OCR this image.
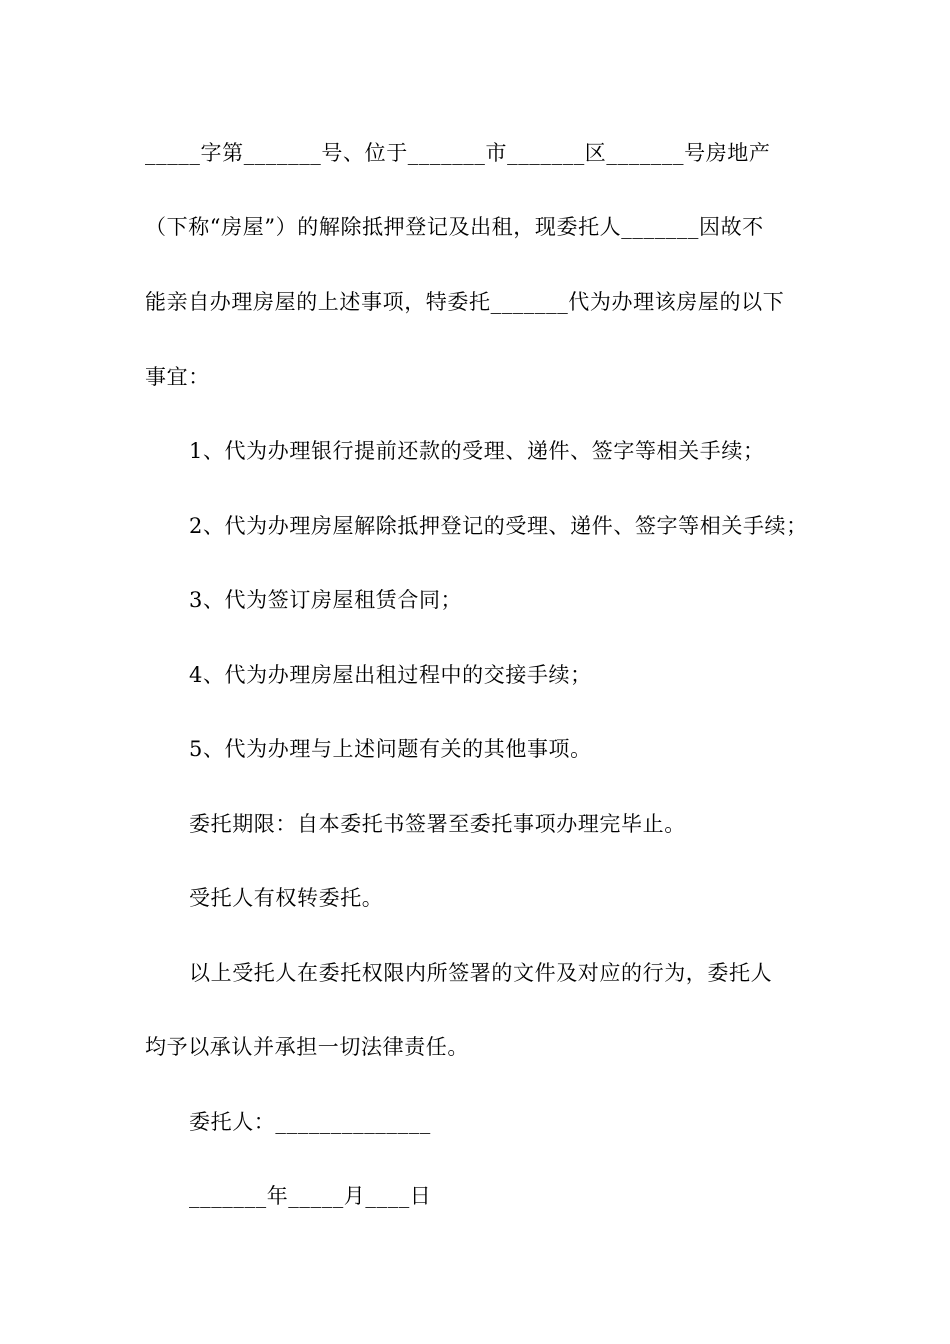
_____字第_______号、位于_______市_______区_______号房地产
（下称“房屋”）的解除抵押登记及出租，现委托人_______因故不
能亲自办理房屋的上述事项，特委托_______代为办理该房屋的以下
事宜：
1、代为办理银行提前还款的受理、递件、签字等相关手续；
2、代为办理房屋解除抵押登记的受理、递件、签字等相关手续；
3、代为签订房屋租赁合同；
4、代为办理房屋出租过程中的交接手续；
5、代为办理与上述问题有关的其他事项。
委托期限：自本委托书签署至委托事项办理完毕止。
受托人有权转委托。
以上受托人在委托权限内所签署的文件及对应的行为，委托人
均予以承认并承担一切法律责任。
委托人：______________
_______年_____月____日
